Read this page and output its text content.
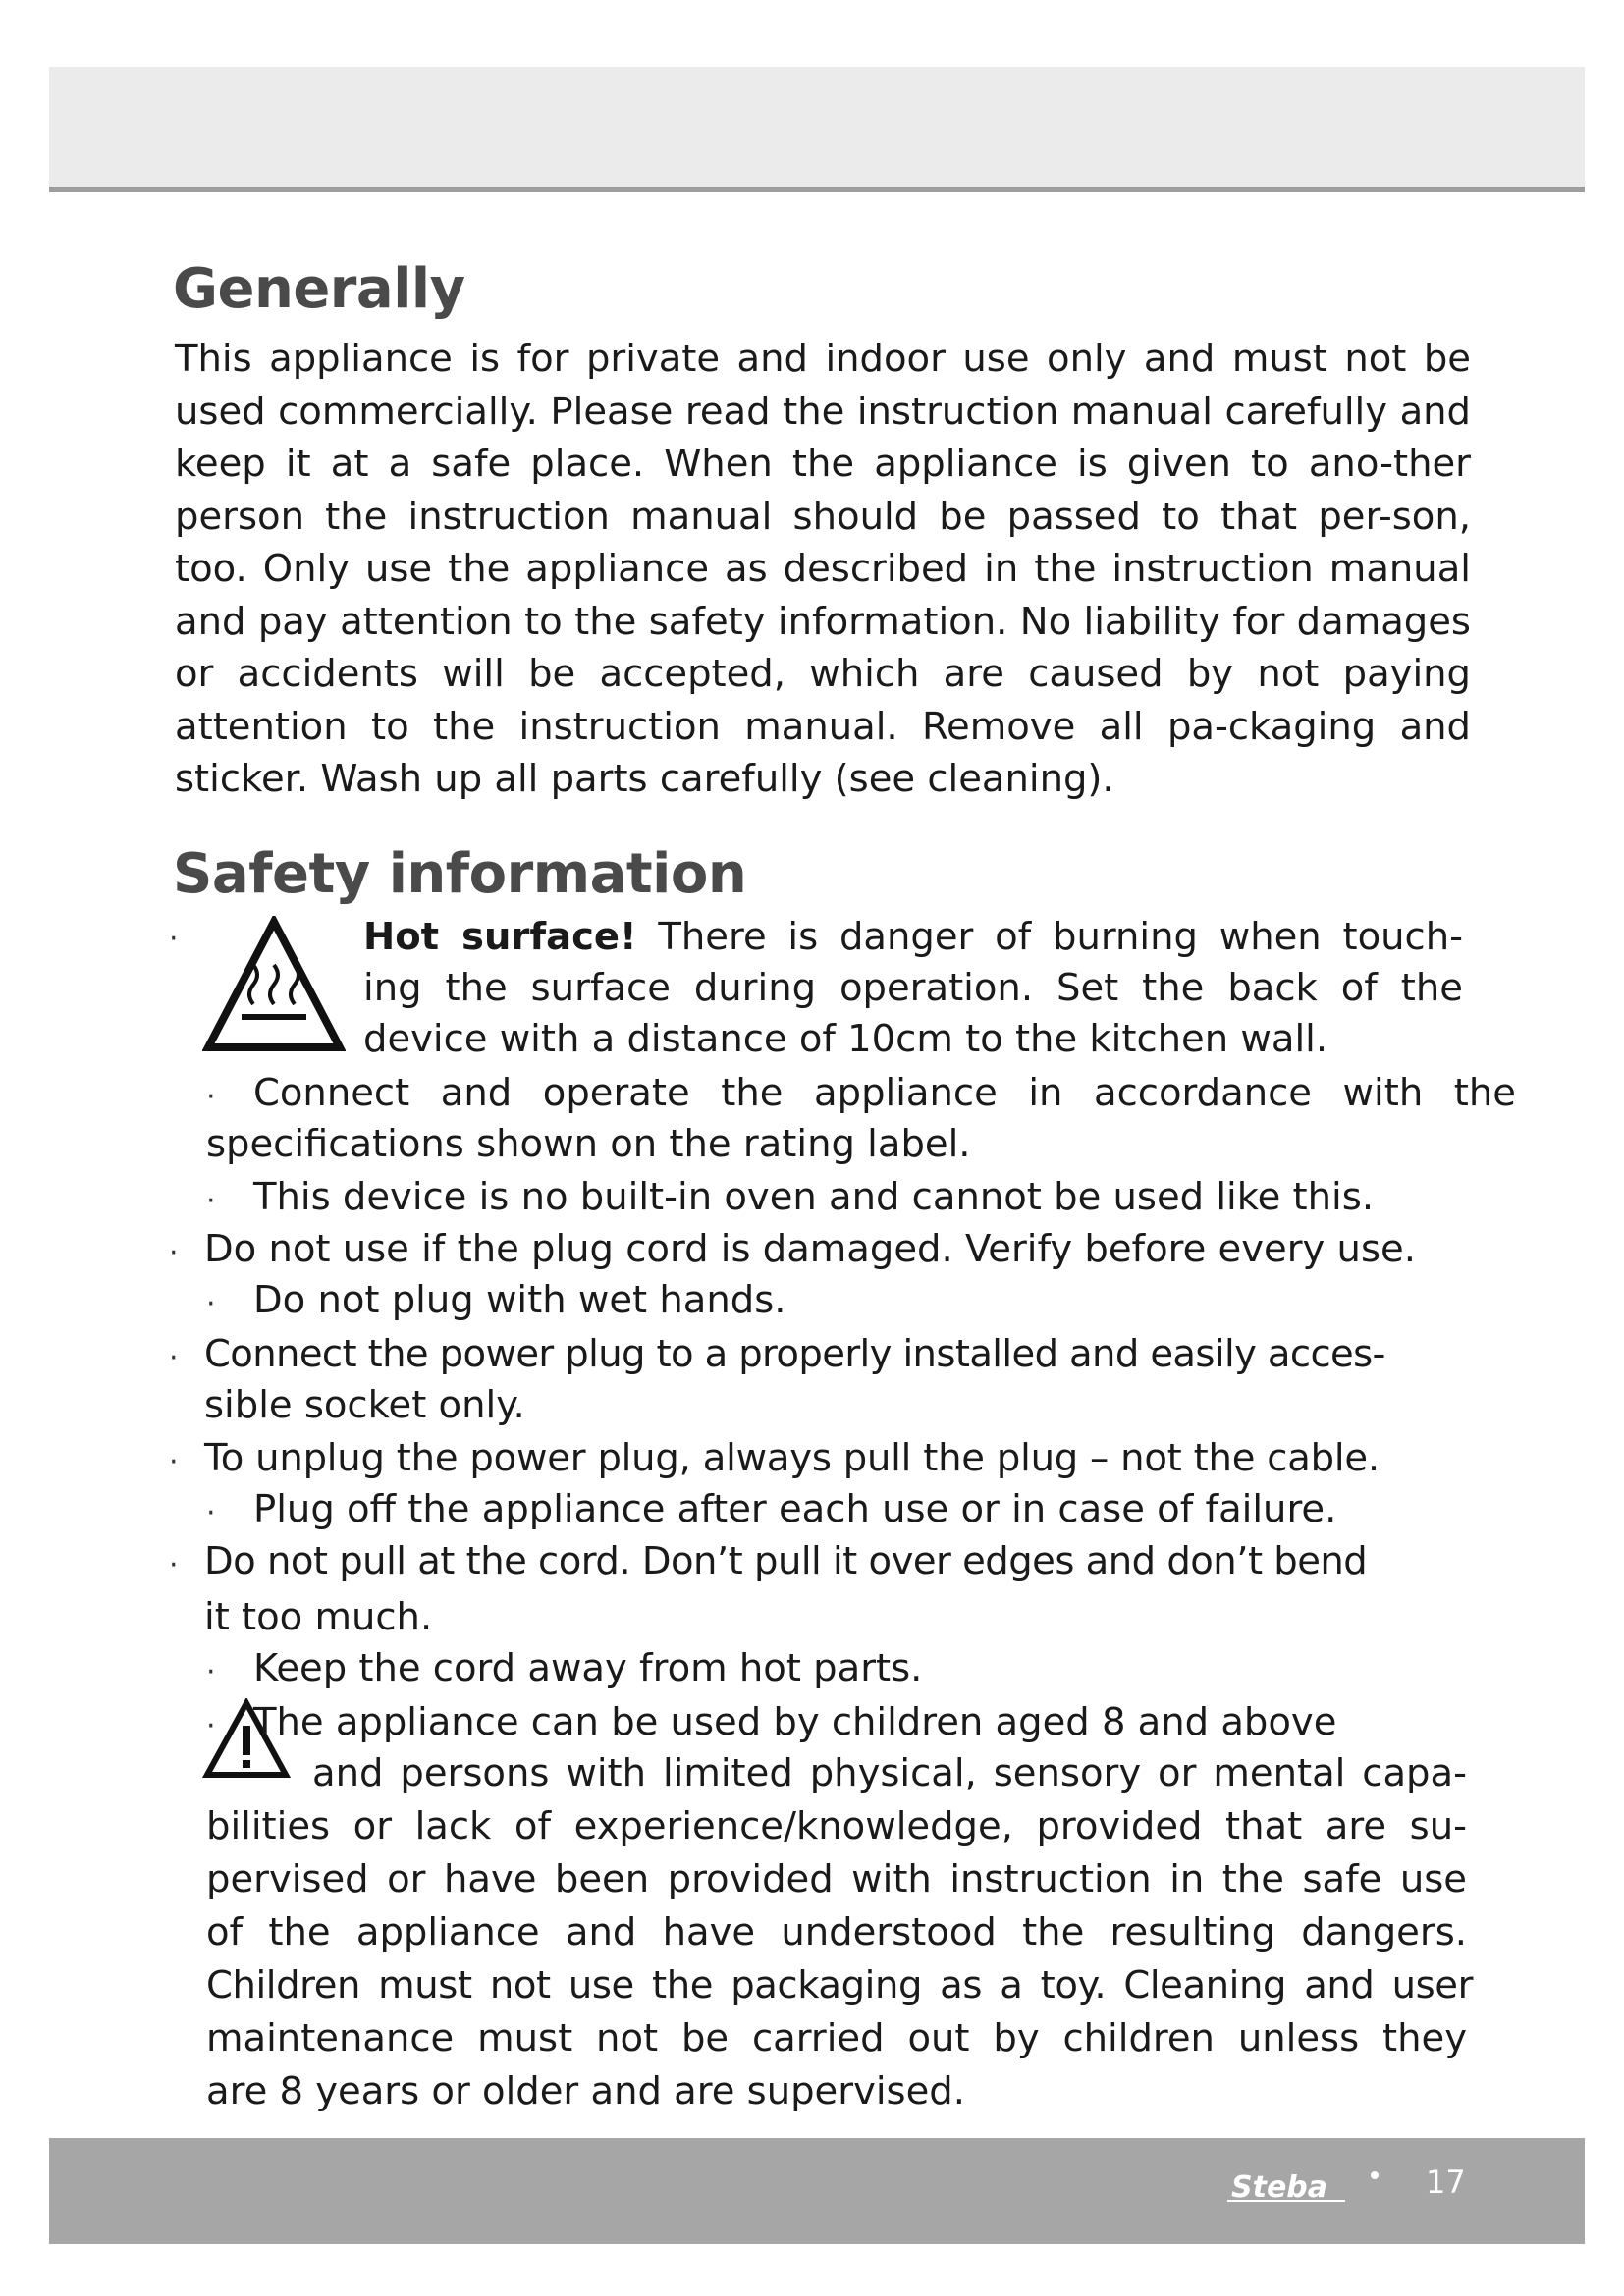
Generally

This appliance is for private and indoor use only and must not be used commercially. Please read the instruction manual carefully and keep it at a safe place. When the appliance is given to ano-ther person the instruction manual should be passed to that per-son, too. Only use the appliance as described in the instruction manual and pay attention to the safety information. No liability for damages or accidents will be accepted, which are caused by not paying attention to the instruction manual. Remove all pa-ckaging and sticker. Wash up all parts carefully (see cleaning).

Safety information
·	Hot surface! There is danger of burning when touch-
ing the surface during operation. Set the back of the
device with a distance of 10cm to the kitchen wall.
· Connect and operate the appliance in accordance with the
specifications shown on the rating label.
· This device is no built-in oven and cannot be used like this.
· Do not use if the plug cord is damaged. Verify before every use.
· Do not plug with wet hands.
· Connect the power plug to a properly installed and easily acces-
sible socket only.
· To unplug the power plug, always pull the plug – not the cable.
· Plug off the appliance after each use or in case of failure.
· Do not pull at the cord. Don’t pull it over edges and don’t bend
it too much.
· Keep the cord away from hot parts.
· The appliance can be used by children aged 8 and above
and persons with limited physical, sensory or mental capa-
bilities or lack of experience/knowledge, provided that are su-
pervised or have been provided with instruction in the safe use
of the appliance and have understood the resulting dangers.
Children must not use the packaging as a toy. Cleaning and user
maintenance must not be carried out by children unless they
are 8 years or older and are supervised.
Steba	17
